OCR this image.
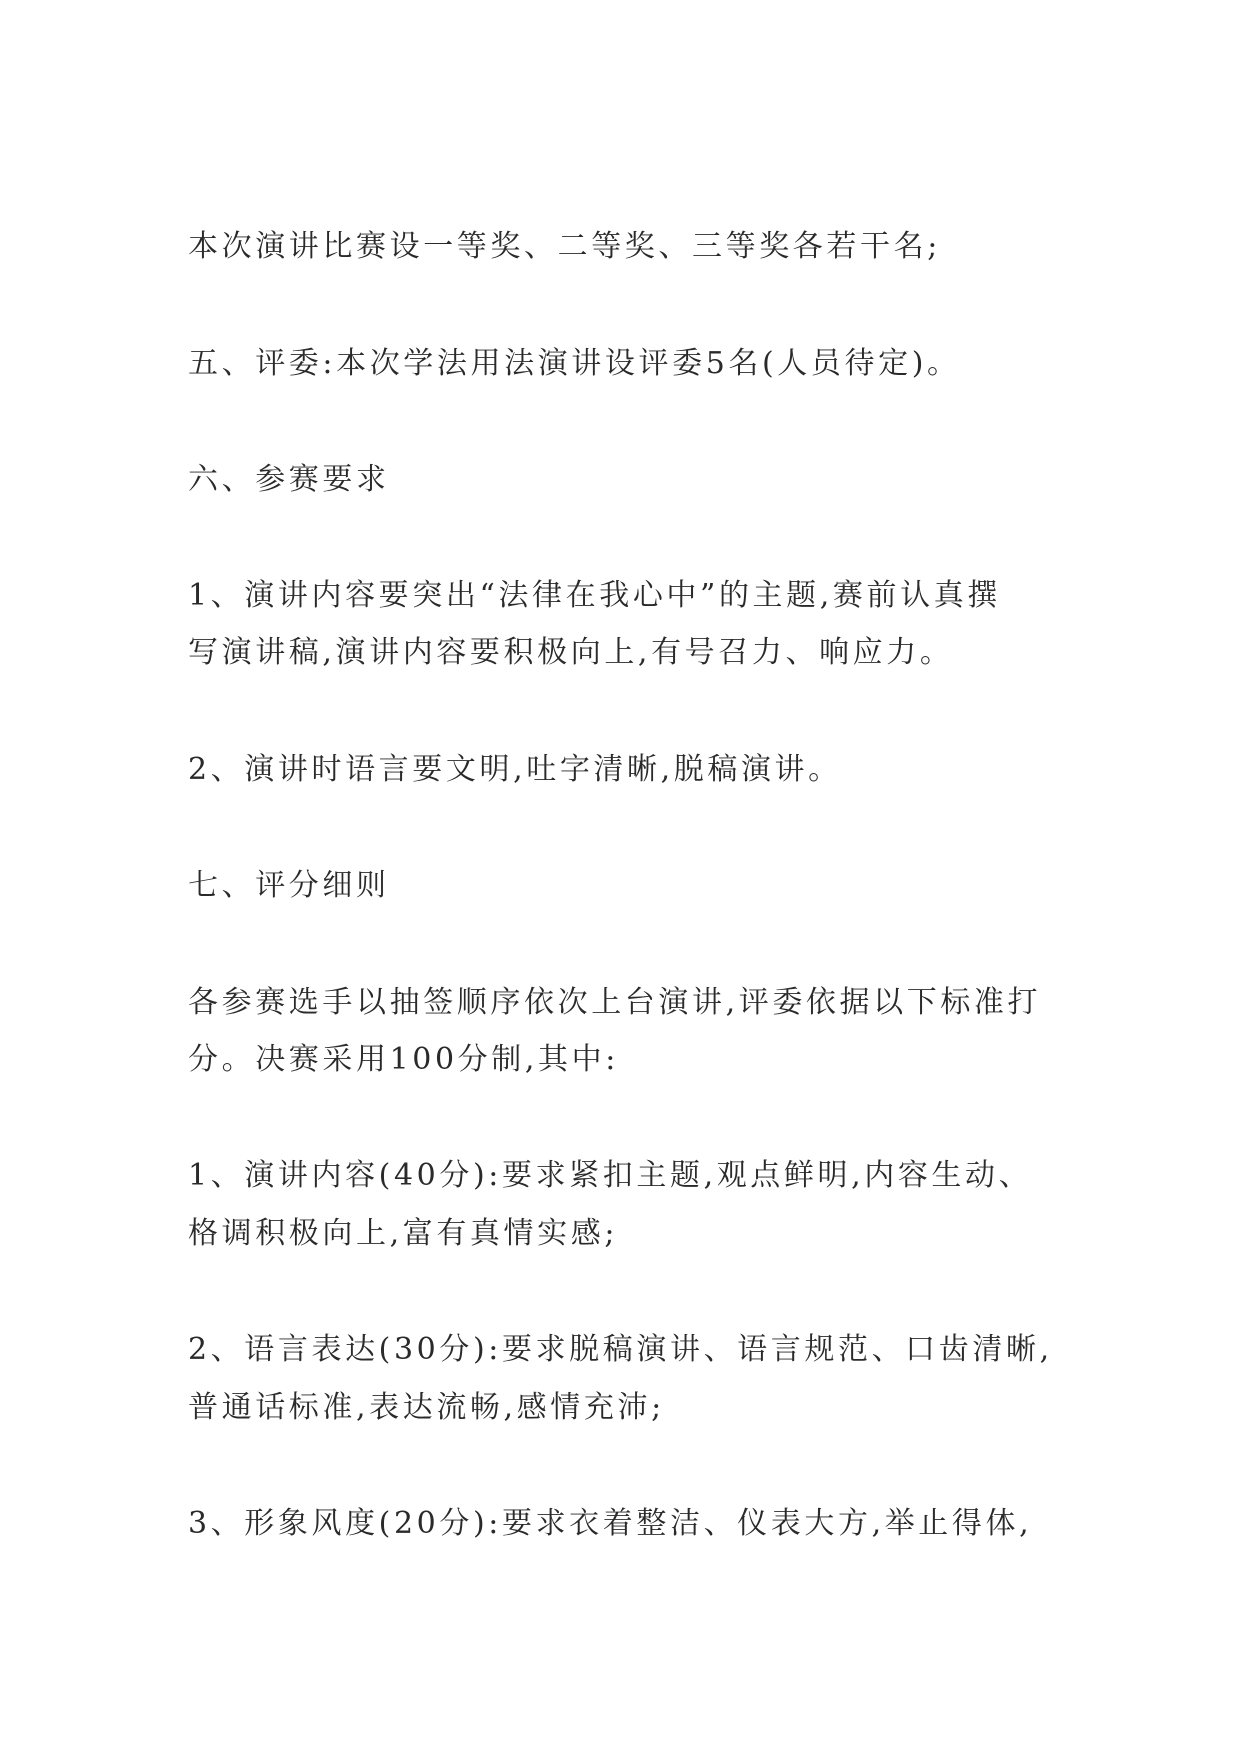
本次演讲比赛设一等奖、二等奖、三等奖各若干名;

五、评委:本次学法用法演讲设评委5名(人员待定)。

六、参赛要求

1、演讲内容要突出“法律在我心中”的主题,赛前认真撰

写演讲稿,演讲内容要积极向上,有号召力、响应力。

2、演讲时语言要文明,吐字清晰,脱稿演讲。

七、评分细则

各参赛选手以抽签顺序依次上台演讲,评委依据以下标准打

分。决赛采用100分制,其中:

1、演讲内容(40分):要求紧扣主题,观点鲜明,内容生动、

格调积极向上,富有真情实感;

2、语言表达(30分):要求脱稿演讲、语言规范、口齿清晰,

普通话标准,表达流畅,感情充沛;

3、形象风度(20分):要求衣着整洁、仪表大方,举止得体,
